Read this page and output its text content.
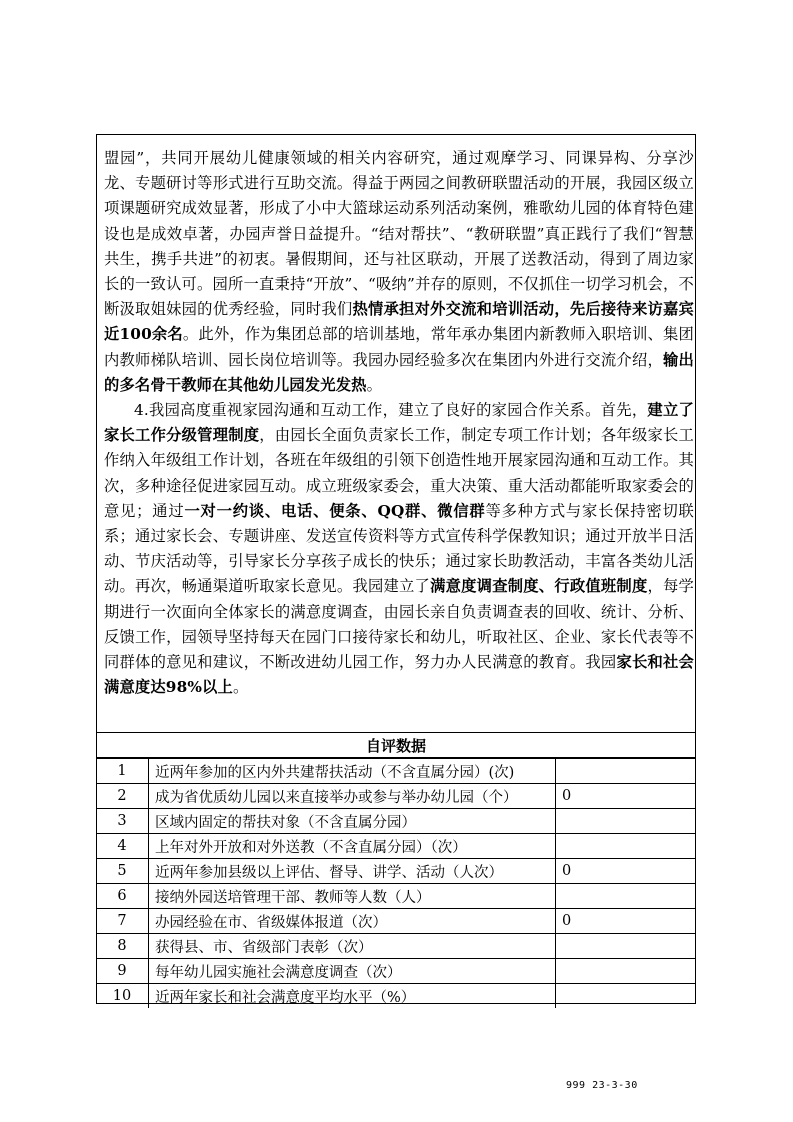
盟园”，共同开展幼儿健康领域的相关内容研究，通过观摩学习、同课异构、分享沙龙、专题研讨等形式进行互助交流。得益于两园之间教研联盟活动的开展，我园区级立项课题研究成效显著，形成了小中大篮球运动系列活动案例，雅歌幼儿园的体育特色建设也是成效卓著，办园声誉日益提升。“结对帮扶”、“教研联盟”真正践行了我们“智慧共生，携手共进”的初衷。暑假期间，还与社区联动，开展了送教活动，得到了周边家长的一致认可。园所一直秉持“开放”、“吸纳”并存的原则，不仅抓住一切学习机会，不断汲取姐妹园的优秀经验，同时我们热情承担对外交流和培训活动，先后接待来访嘉宾近100余名。此外，作为集团总部的培训基地，常年承办集团内新教师入职培训、集团内教师梯队培训、园长岗位培训等。我园办园经验多次在集团内外进行交流介绍，输出的多名骨干教师在其他幼儿园发光发热。

4.我园高度重视家园沟通和互动工作，建立了良好的家园合作关系。首先，建立了家长工作分级管理制度，由园长全面负责家长工作，制定专项工作计划；各年级家长工作纳入年级组工作计划，各班在年级组的引领下创造性地开展家园沟通和互动工作。其次，多种途径促进家园互动。成立班级家委会，重大决策、重大活动都能听取家委会的意见；通过一对一约谈、电话、便条、QQ群、微信群等多种方式与家长保持密切联系；通过家长会、专题讲座、发送宣传资料等方式宣传科学保教知识；通过开放半日活动、节庆活动等，引导家长分享孩子成长的快乐；通过家长助教活动，丰富各类幼儿活动。再次，畅通渠道听取家长意见。我园建立了满意度调查制度、行政值班制度，每学期进行一次面向全体家长的满意度调查，由园长亲自负责调查表的回收、统计、分析、反馈工作，园领导坚持每天在园门口接待家长和幼儿，听取社区、企业、家长代表等不同群体的意见和建议，不断改进幼儿园工作，努力办人民满意的教育。我园家长和社会满意度达98%以上。

自评数据
1	近两年参加的区内外共建帮扶活动（不含直属分园）(次)	
2	成为省优质幼儿园以来直接举办或参与举办幼儿园（个）	0
3	区域内固定的帮扶对象（不含直属分园）	
4	上年对外开放和对外送教（不含直属分园）（次）	
5	近两年参加县级以上评估、督导、讲学、活动（人次）	0
6	接纳外园送培管理干部、教师等人数（人）	
7	办园经验在市、省级媒体报道（次）	0
8	获得县、市、省级部门表彰（次）	
9	每年幼儿园实施社会满意度调查（次）	
10	近两年家长和社会满意度平均水平（%）	
999 23-3-30
